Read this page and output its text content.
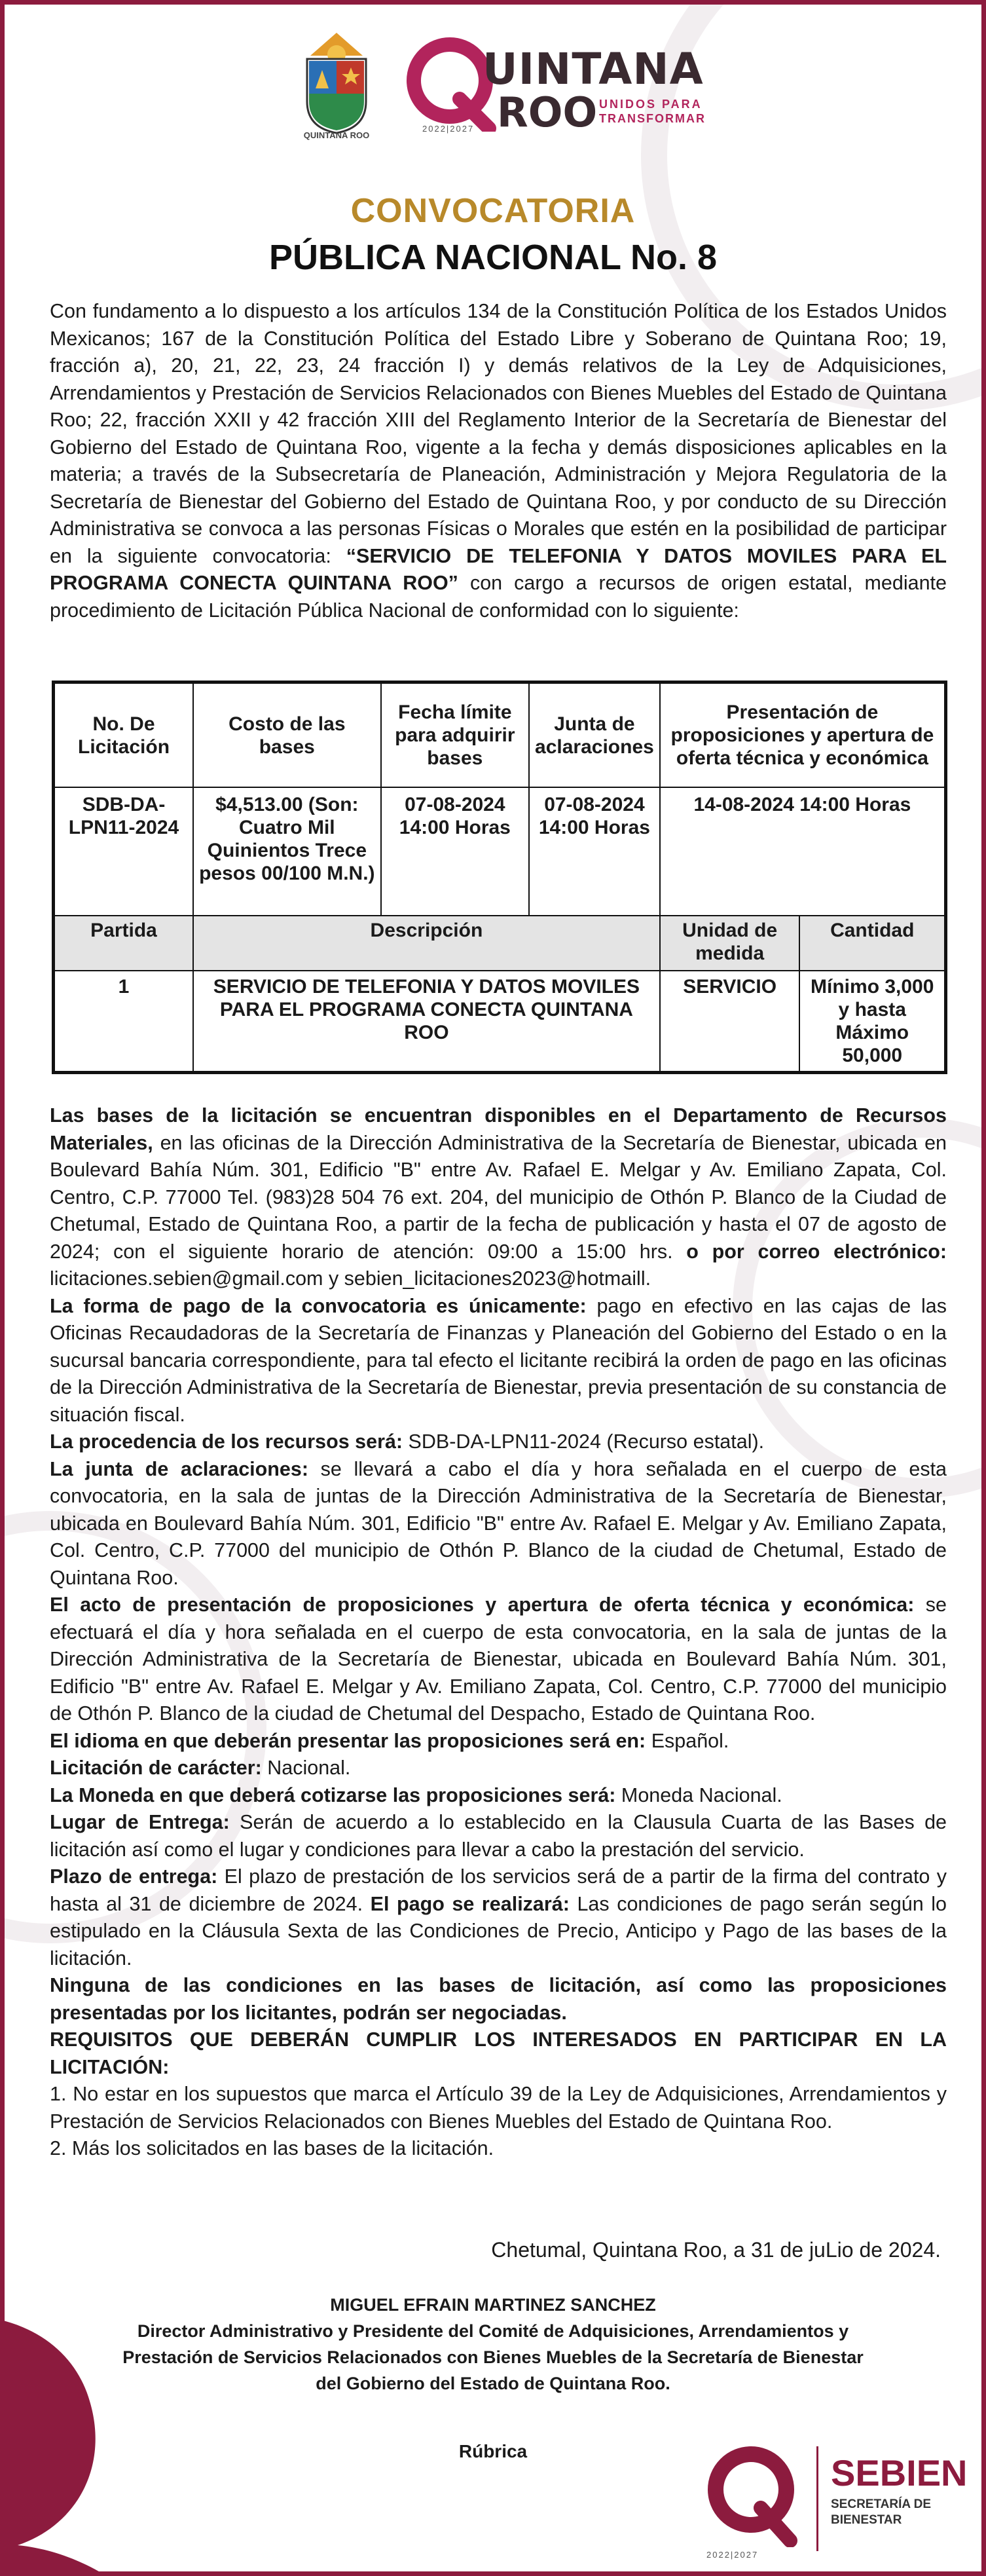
QUINTANA ROO
UINTANA
ROO UNIDOS PARA
TRANSFORMAR
2022|2027
CONVOCATORIA
PÚBLICA NACIONAL No. 8
Con fundamento a lo dispuesto a los artículos 134 de la Constitución Política de los Estados Unidos Mexicanos; 167 de la Constitución Política del Estado Libre y Soberano de Quintana Roo; 19, fracción a), 20, 21, 22, 23, 24 fracción I) y demás relativos de la Ley de Adquisiciones, Arrendamientos y Prestación de Servicios Relacionados con Bienes Muebles del Estado de Quintana Roo; 22, fracción XXII y 42 fracción XIII del Reglamento Interior de la Secretaría de Bienestar del Gobierno del Estado de Quintana Roo, vigente a la fecha y demás disposiciones aplicables en la materia; a través de la Subsecretaría de Planeación, Administración y Mejora Regulatoria de la Secretaría de Bienestar del Gobierno del Estado de Quintana Roo, y por conducto de su Dirección Administrativa se convoca a las personas Físicas o Morales que estén en la posibilidad de participar en la siguiente convocatoria: “SERVICIO DE TELEFONIA Y DATOS MOVILES PARA EL PROGRAMA CONECTA QUINTANA ROO” con cargo a recursos de origen estatal, mediante procedimiento de Licitación Pública Nacional de conformidad con lo siguiente:
No. De Licitación	Costo de las bases	Fecha límite para adquirir bases	Junta de aclaraciones	Presentación de proposiciones y apertura de oferta técnica y económica	
SDB-DA-LPN11-2024	$4,513.00 (Son: Cuatro Mil Quinientos Trece pesos 00/100 M.N.)	07-08-2024 14:00 Horas	07-08-2024 14:00 Horas	14-08-2024 14:00 Horas	
Partida	Descripción			Unidad de medida	Cantidad
1	SERVICIO DE TELEFONIA Y DATOS MOVILES PARA EL PROGRAMA CONECTA QUINTANA ROO			SERVICIO	Mínimo 3,000 y hasta Máximo 50,000

Las bases de la licitación se encuentran disponibles en el Departamento de Recursos Materiales, en las oficinas de la Dirección Administrativa de la Secretaría de Bienestar, ubicada en Boulevard Bahía Núm. 301, Edificio "B" entre Av. Rafael E. Melgar y Av. Emiliano Zapata, Col. Centro, C.P. 77000 Tel. (983)28 504 76 ext. 204, del municipio de Othón P. Blanco de la Ciudad de Chetumal, Estado de Quintana Roo, a partir de la fecha de publicación y hasta el 07 de agosto de 2024; con el siguiente horario de atención: 09:00 a 15:00 hrs. o por correo electrónico: licitaciones.sebien@gmail.com y sebien_licitaciones2023@hotmaill.

La forma de pago de la convocatoria es únicamente: pago en efectivo en las cajas de las Oficinas Recaudadoras de la Secretaría de Finanzas y Planeación del Gobierno del Estado o en la sucursal bancaria correspondiente, para tal efecto el licitante recibirá la orden de pago en las oficinas de la Dirección Administrativa de la Secretaría de Bienestar, previa presentación de su constancia de situación fiscal.

La procedencia de los recursos será: SDB-DA-LPN11-2024 (Recurso estatal).

La junta de aclaraciones: se llevará a cabo el día y hora señalada en el cuerpo de esta convocatoria, en la sala de juntas de la Dirección Administrativa de la Secretaría de Bienestar, ubicada en Boulevard Bahía Núm. 301, Edificio "B" entre Av. Rafael E. Melgar y Av. Emiliano Zapata, Col. Centro, C.P. 77000 del municipio de Othón P. Blanco de la ciudad de Chetumal, Estado de Quintana Roo.

El acto de presentación de proposiciones y apertura de oferta técnica y económica: se efectuará el día y hora señalada en el cuerpo de esta convocatoria, en la sala de juntas de la Dirección Administrativa de la Secretaría de Bienestar, ubicada en Boulevard Bahía Núm. 301, Edificio "B" entre Av. Rafael E. Melgar y Av. Emiliano Zapata, Col. Centro, C.P. 77000 del municipio de Othón P. Blanco de la ciudad de Chetumal del Despacho, Estado de Quintana Roo.

El idioma en que deberán presentar las proposiciones será en: Español.

Licitación de carácter: Nacional.

La Moneda en que deberá cotizarse las proposiciones será: Moneda Nacional.

Lugar de Entrega: Serán de acuerdo a lo establecido en la Clausula Cuarta de las Bases de licitación así como el lugar y condiciones para llevar a cabo la prestación del servicio.

Plazo de entrega: El plazo de prestación de los servicios será de a partir de la firma del contrato y hasta al 31 de diciembre de 2024. El pago se realizará: Las condiciones de pago serán según lo estipulado en la Cláusula Sexta de las Condiciones de Precio, Anticipo y Pago de las bases de la licitación.

Ninguna de las condiciones en las bases de licitación, así como las proposiciones presentadas por los licitantes, podrán ser negociadas.

REQUISITOS QUE DEBERÁN CUMPLIR LOS INTERESADOS EN PARTICIPAR EN LA LICITACIÓN:

1. No estar en los supuestos que marca el Artículo 39 de la Ley de Adquisiciones, Arrendamientos y Prestación de Servicios Relacionados con Bienes Muebles del Estado de Quintana Roo.

2. Más los solicitados en las bases de la licitación.

Chetumal, Quintana Roo, a 31 de juLio de 2024.
MIGUEL EFRAIN MARTINEZ SANCHEZ
Director Administrativo y Presidente del Comité de Adquisiciones, Arrendamientos y
Prestación de Servicios Relacionados con Bienes Muebles de la Secretaría de Bienestar
del Gobierno del Estado de Quintana Roo.
Rúbrica
2022|2027
SEBIEN
SECRETARÍA DE
BIENESTAR
